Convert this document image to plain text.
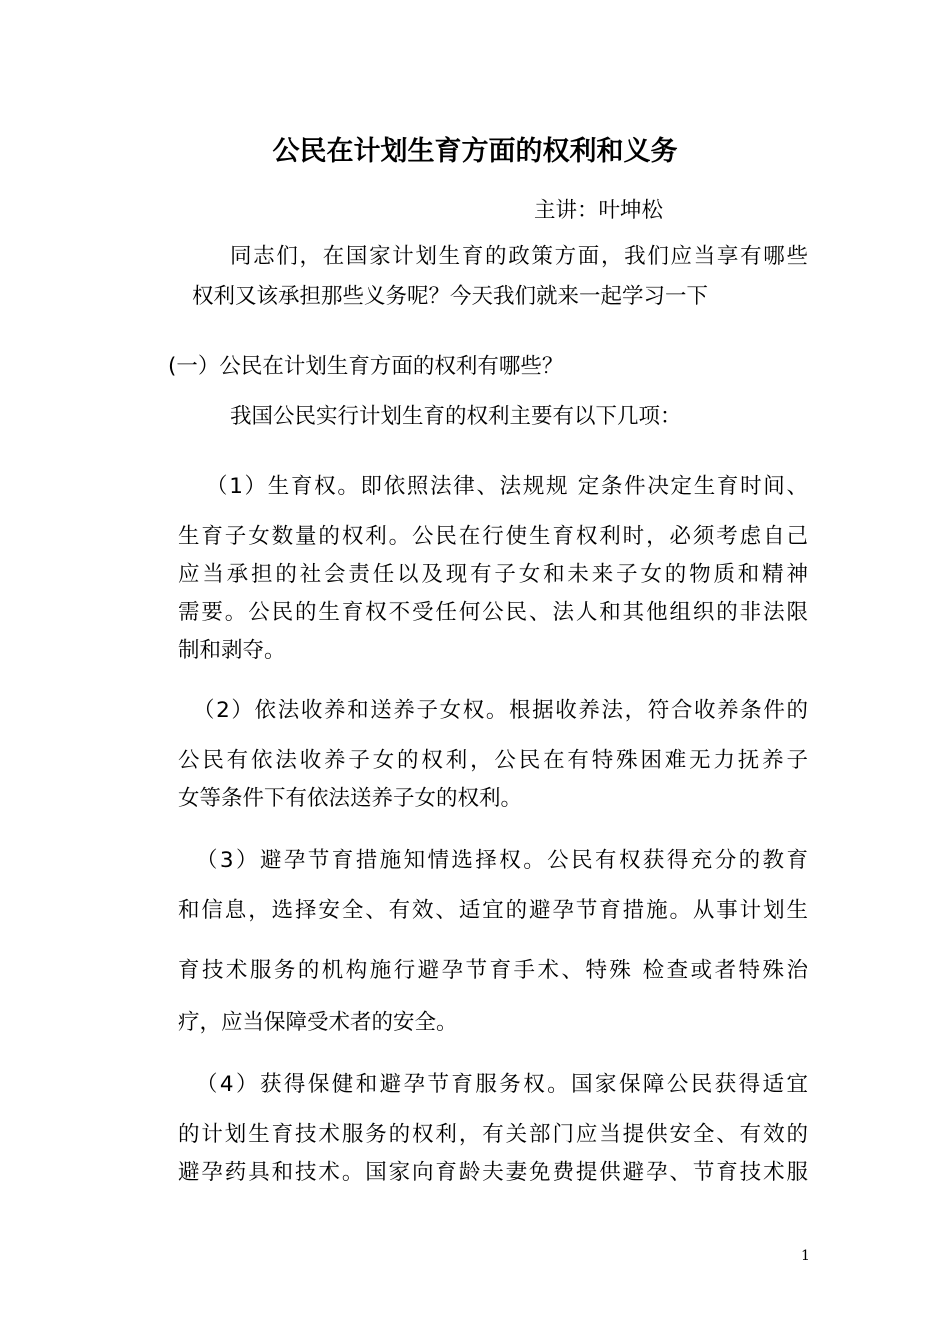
公民在计划生育方面的权利和义务
主讲：叶坤松
同志们，在国家计划生育的政策方面，我们应当享有哪些
权利又该承担那些义务呢？今天我们就来一起学习一下
(一）公民在计划生育方面的权利有哪些？
我国公民实行计划生育的权利主要有以下几项：
（1）生育权。即依照法律、法规规 定条件决定生育时间、
生育子女数量的权利。公民在行使生育权利时，必须考虑自己
应当承担的社会责任以及现有子女和未来子女的物质和精神
需要。公民的生育权不受任何公民、法人和其他组织的非法限
制和剥夺。
（2）依法收养和送养子女权。根据收养法，符合收养条件的
公民有依法收养子女的权利，公民在有特殊困难无力抚养子
女等条件下有依法送养子女的权利。
（3）避孕节育措施知情选择权。公民有权获得充分的教育
和信息，选择安全、有效、适宜的避孕节育措施。从事计划生
育技术服务的机构施行避孕节育手术、特殊 检查或者特殊治
疗，应当保障受术者的安全。
（4）获得保健和避孕节育服务权。国家保障公民获得适宜
的计划生育技术服务的权利，有关部门应当提供安全、有效的
避孕药具和技术。国家向育龄夫妻免费提供避孕、节育技术服
1
